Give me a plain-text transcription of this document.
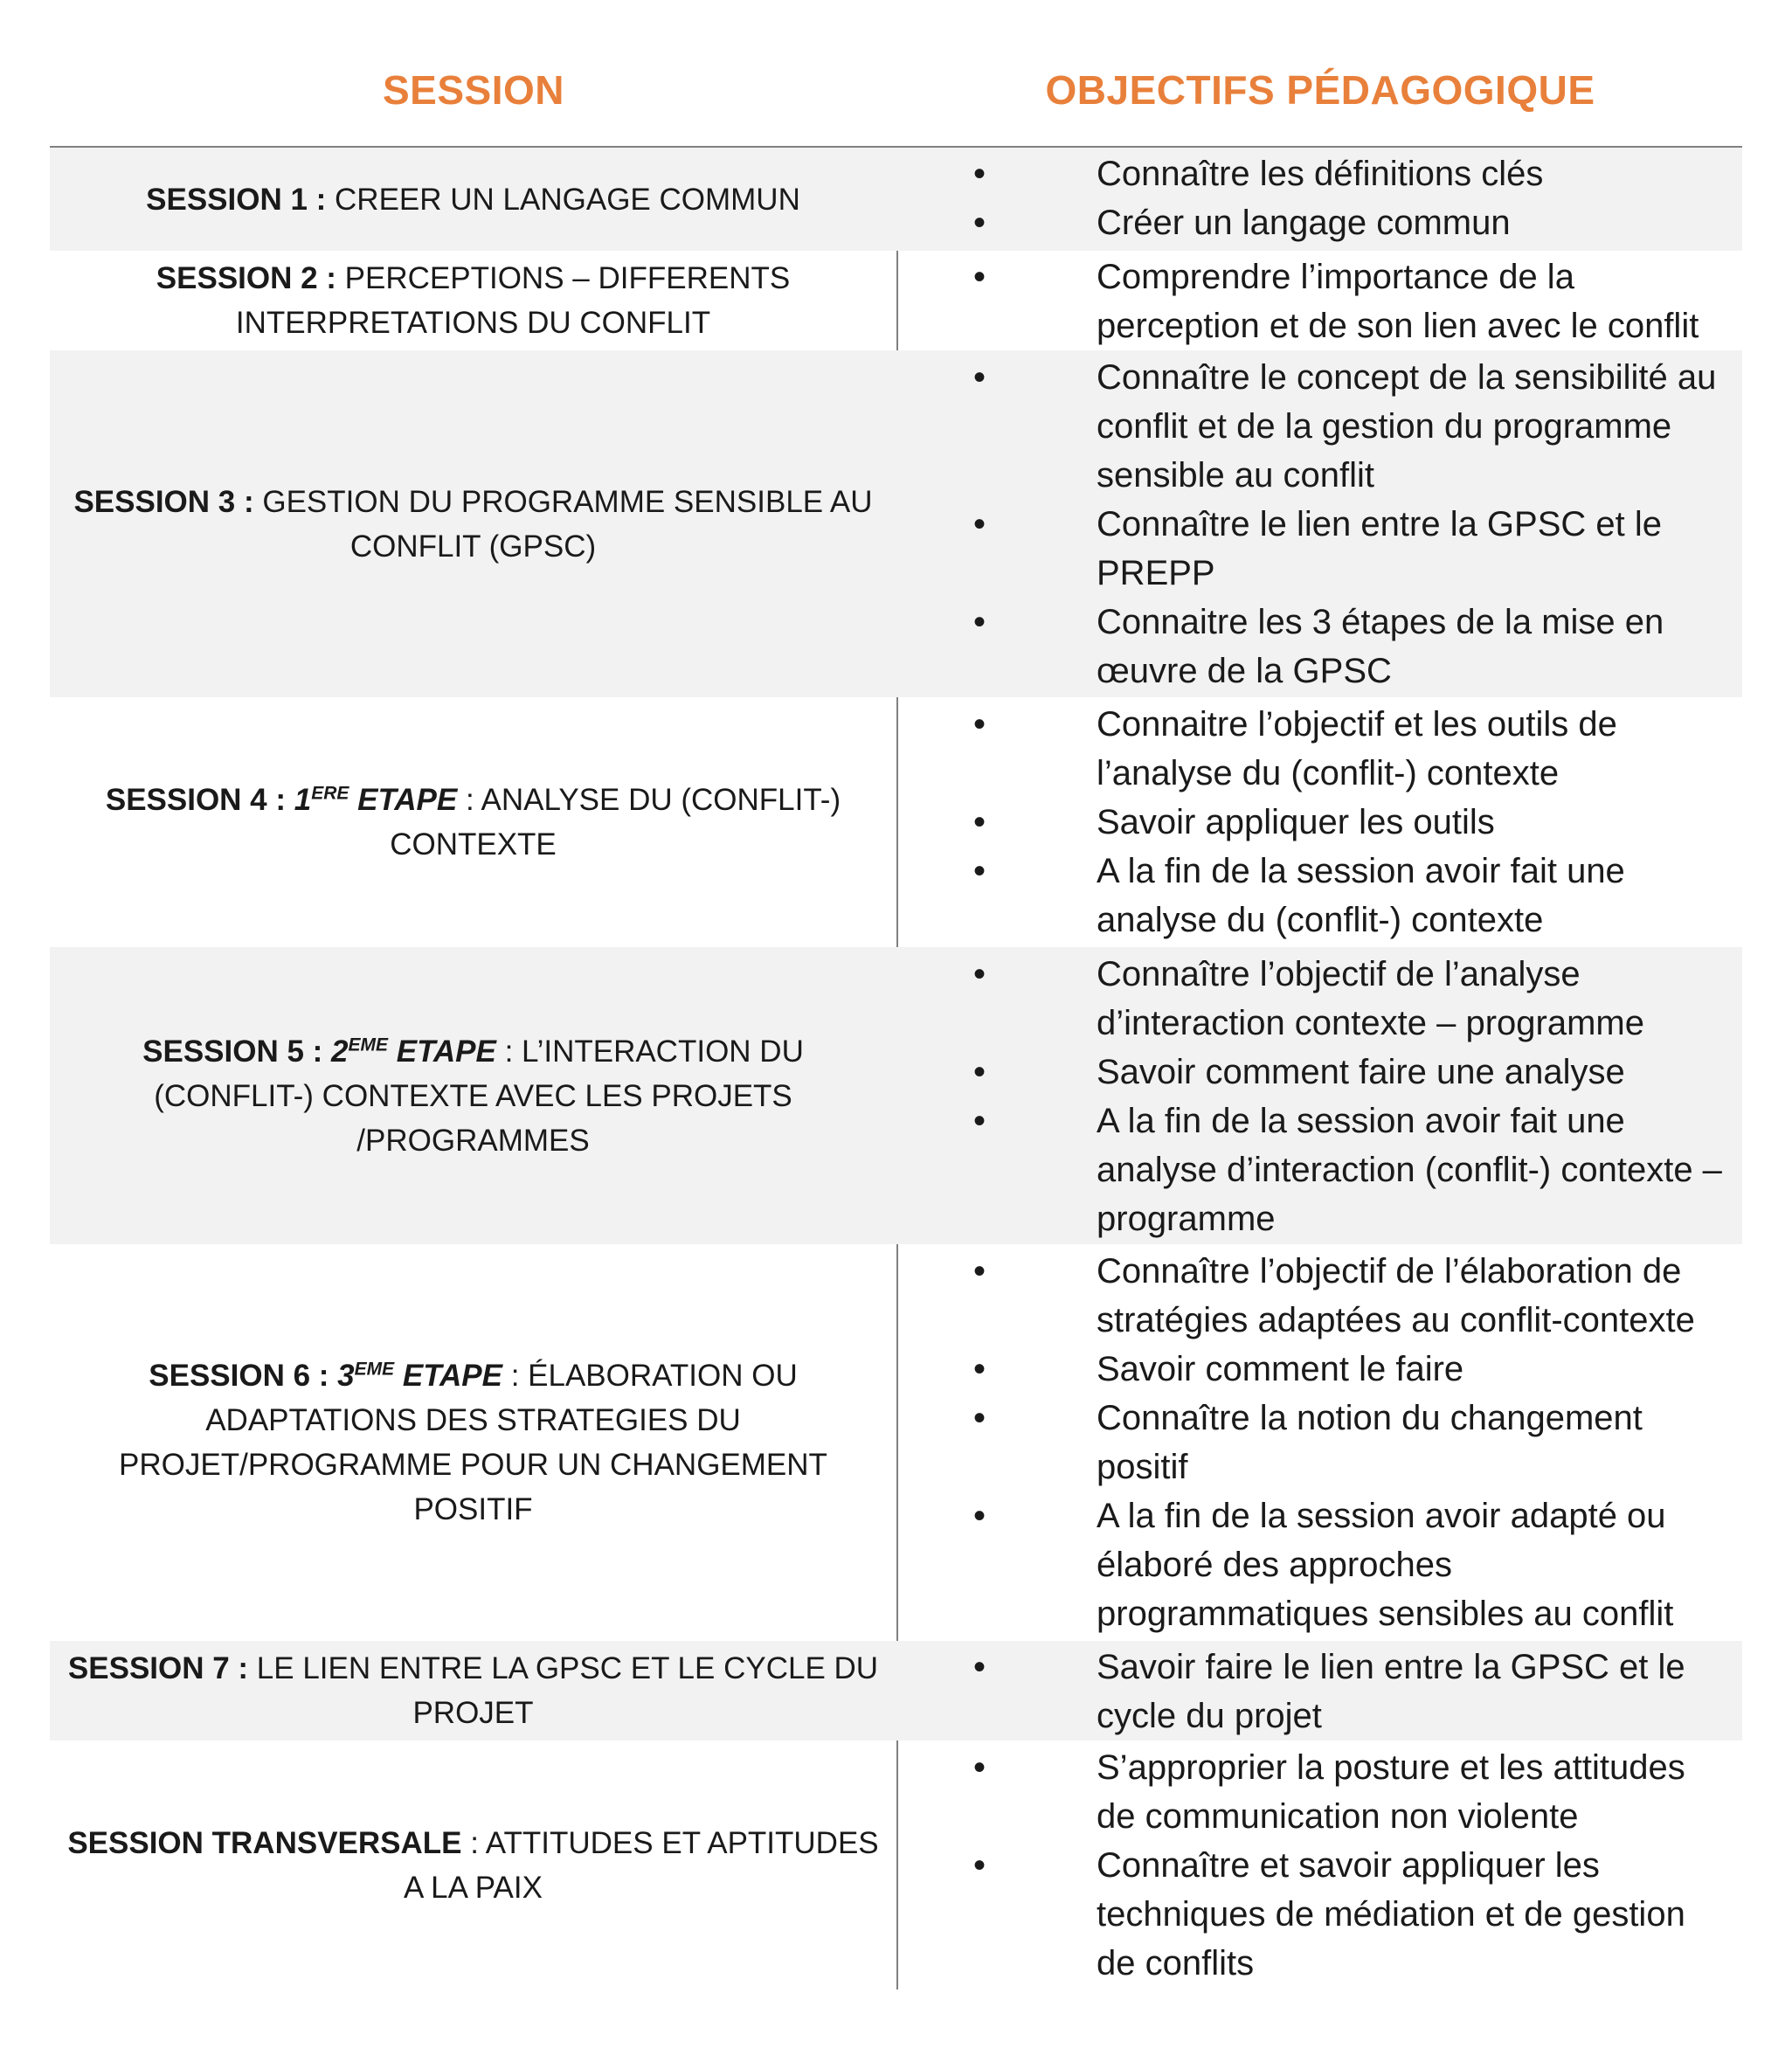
SESSION	OBJECTIFS PÉDAGOGIQUE
SESSION 1 : CREER UN LANGAGE COMMUN
•	Connaître les définitions clés
•	Créer un langage commun
SESSION 2 : PERCEPTIONS – DIFFERENTS INTERPRETATIONS DU CONFLIT
•	Comprendre l’importance de la perception et de son lien avec le conflit
SESSION 3 : GESTION DU PROGRAMME SENSIBLE AU CONFLIT (GPSC)
•	Connaître le concept de la sensibilité au conflit et de la gestion du programme sensible au conflit
•	Connaître le lien entre la GPSC et le PREPP
•	Connaitre les 3 étapes de la mise en œuvre de la GPSC
SESSION 4 : 1ERE ETAPE : ANALYSE DU (CONFLIT-) CONTEXTE
•	Connaitre l’objectif et les outils de l’analyse du (conflit-) contexte
•	Savoir appliquer les outils
•	A la fin de la session avoir fait une analyse du (conflit-) contexte
SESSION 5 : 2EME ETAPE : L’INTERACTION DU (CONFLIT-) CONTEXTE AVEC LES PROJETS /PROGRAMMES
•	Connaître l’objectif de l’analyse d’interaction contexte – programme
•	Savoir comment faire une analyse
•	A la fin de la session avoir fait une analyse d’interaction (conflit-) contexte – programme
SESSION 6 : 3EME ETAPE : ÉLABORATION OU ADAPTATIONS DES STRATEGIES DU PROJET/PROGRAMME POUR UN CHANGEMENT POSITIF
•	Connaître l’objectif de l’élaboration de stratégies adaptées au conflit-contexte
•	Savoir comment le faire
•	Connaître la notion du changement positif
•	A la fin de la session avoir adapté ou élaboré des approches programmatiques sensibles au conflit
SESSION 7 : LE LIEN ENTRE LA GPSC ET LE CYCLE DU PROJET
•	Savoir faire le lien entre la GPSC et le cycle du projet
SESSION TRANSVERSALE : ATTITUDES ET APTITUDES A LA PAIX
•	S’approprier la posture et les attitudes de communication non violente
•	Connaître et savoir appliquer les techniques de médiation et de gestion de conflits
